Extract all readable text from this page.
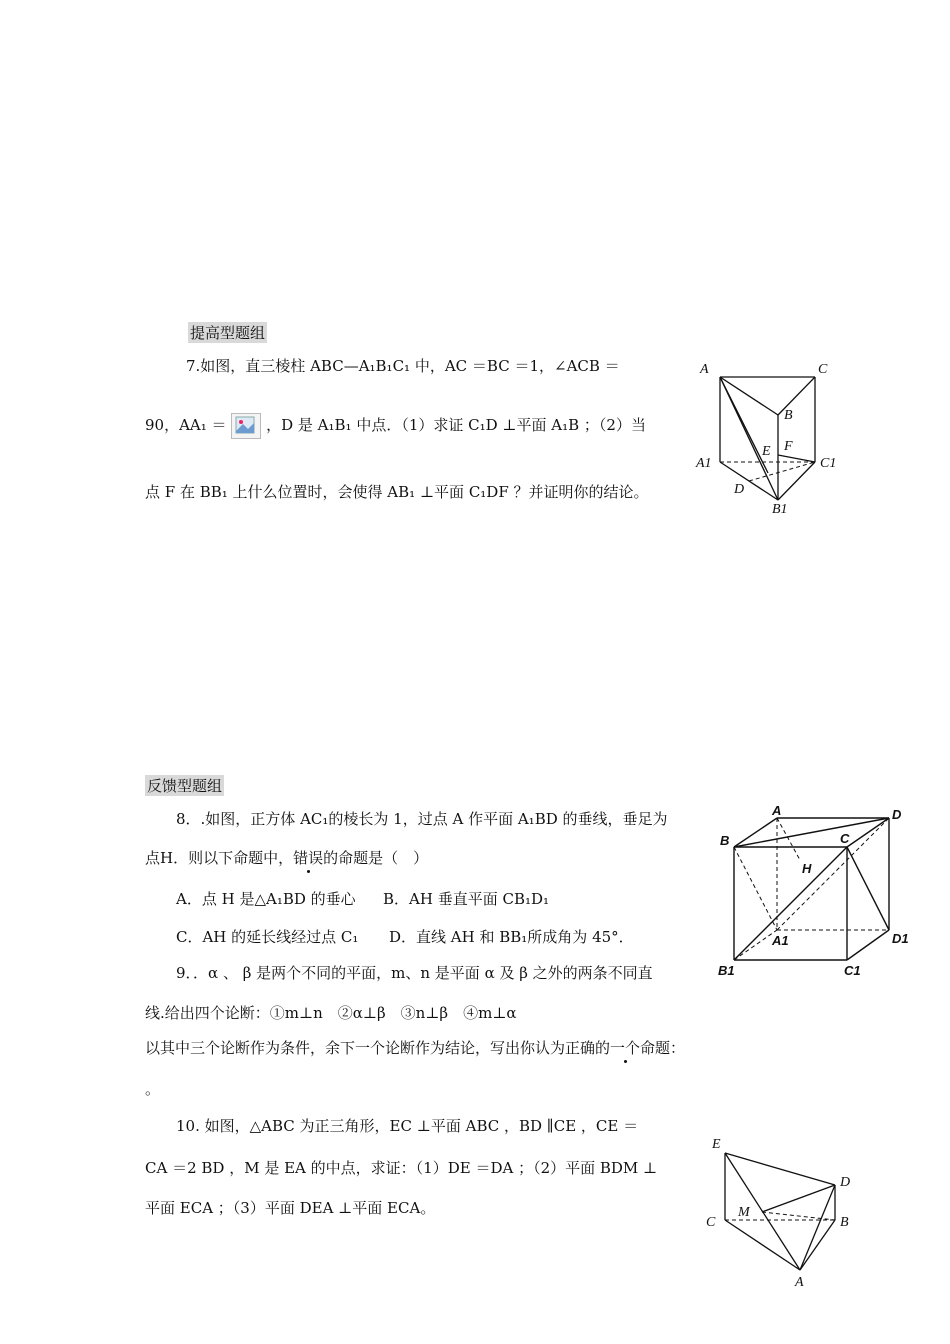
提高型题组
7.如图，直三棱柱 ABC—A₁B₁C₁ 中，AC ＝BC ＝1，∠ACB ＝
90，AA₁ ＝	，D 是 A₁B₁ 中点．（1）求证 C₁D ⊥平面 A₁B ；（2）当
点 F 在 BB₁ 上什么位置时，会使得 AB₁ ⊥平面 C₁DF ？并证明你的结论。
A	C
B
E F
A1	C1
D
B1
反馈型题组
8．.如图，正方体 AC₁的棱长为 1，过点 A 作平面 A₁BD 的垂线，垂足为
点H．则以下命题中，错误的命题是（　）
A．点 H 是△A₁BD 的垂心 B．AH 垂直平面 CB₁D₁
C．AH 的延长线经过点 C₁ D．直线 AH 和 BB₁所成角为 45°．
9．．α 、 β 是两个不同的平面，m、n 是平面 α 及 β 之外的两条不同直
线.给出四个论断：①m⊥n　②α⊥β　③n⊥β　④m⊥α
以其中三个论断作为条件，余下一个论断作为结论，写出你认为正确的一个命题：
。
A	D
B	C
H
A1	D1
B1	C1
10. 如图，△ABC 为正三角形，EC ⊥平面 ABC ，BD ∥CE ，CE ＝
CA ＝2 BD ，M 是 EA 的中点，求证：（1）DE ＝DA ；（2）平面 BDM ⊥
平面 ECA ；（3）平面 DEA ⊥平面 ECA。
E
D
M
C	B
A
